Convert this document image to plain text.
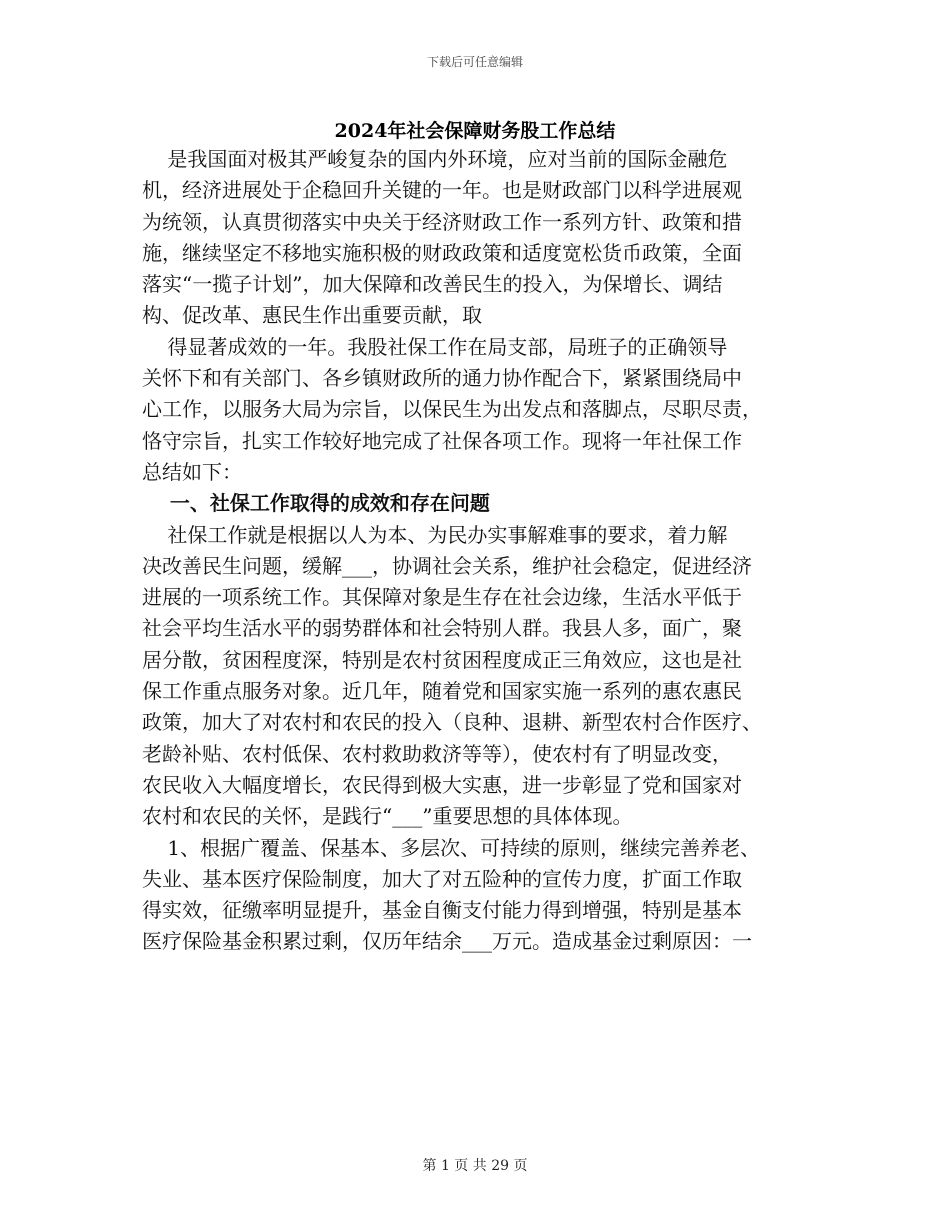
下载后可任意编辑
2024年社会保障财务股工作总结

是我国面对极其严峻复杂的国内外环境，应对当前的国际金融危
机，经济进展处于企稳回升关键的一年。也是财政部门以科学进展观
为统领，认真贯彻落实中央关于经济财政工作一系列方针、政策和措
施，继续坚定不移地实施积极的财政政策和适度宽松货币政策，全面
落实“一揽子计划”，加大保障和改善民生的投入，为保增长、调结
构、促改革、惠民生作出重要贡献，取

得显著成效的一年。我股社保工作在局支部，局班子的正确领导
关怀下和有关部门、各乡镇财政所的通力协作配合下，紧紧围绕局中
心工作，以服务大局为宗旨，以保民生为出发点和落脚点，尽职尽责，
恪守宗旨，扎实工作较好地完成了社保各项工作。现将一年社保工作
总结如下：

一、社保工作取得的成效和存在问题

社保工作就是根据以人为本、为民办实事解难事的要求，着力解
决改善民生问题，缓解___，协调社会关系，维护社会稳定，促进经济
进展的一项系统工作。其保障对象是生存在社会边缘，生活水平低于
社会平均生活水平的弱势群体和社会特别人群。我县人多，面广，聚
居分散，贫困程度深，特别是农村贫困程度成正三角效应，这也是社
保工作重点服务对象。近几年，随着党和国家实施一系列的惠农惠民
政策，加大了对农村和农民的投入（良种、退耕、新型农村合作医疗、
老龄补贴、农村低保、农村救助救济等等），使农村有了明显改变，
农民收入大幅度增长，农民得到极大实惠，进一步彰显了党和国家对
农村和农民的关怀，是践行“___”重要思想的具体体现。

1、根据广覆盖、保基本、多层次、可持续的原则，继续完善养老、
失业、基本医疗保险制度，加大了对五险种的宣传力度，扩面工作取
得实效，征缴率明显提升，基金自衡支付能力得到增强，特别是基本
医疗保险基金积累过剩，仅历年结余___万元。造成基金过剩原因：一

第 1 页 共 29 页
